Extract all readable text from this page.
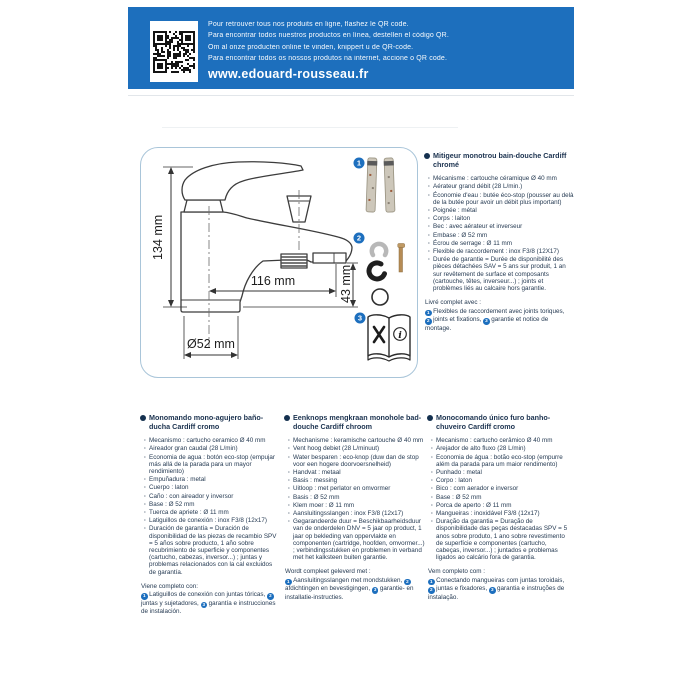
Pour retrouver tous nos produits en ligne, flashez le QR code.
Para encontrar todos nuestros productos en línea, destellen el código QR.
Om al onze producten online te vinden, knippert u de QR-code.
Para encontrar todos os nossos produtos na internet, accione o QR code.
www.edouard-rousseau.fr
134 mm
116 mm	43 mm
Ø52 mm
1
2
3
i
Mitigeur monotrou bain-douche Cardiff chromé
· Mécanisme : cartouche céramique Ø 40 mm
· Aérateur grand débit (28 L/min.)
· Économie d'eau : butée éco-stop (pousser au delà de la butée pour avoir un débit plus important)
· Poignée : métal
· Corps : laiton
· Bec : avec aérateur et inverseur
· Embase : Ø 52 mm
· Écrou de serrage : Ø 11 mm
· Flexible de raccordement : inox F3/8 (12X17)
· Durée de garantie = Durée de disponibilité des pièces détachées SAV = 5 ans sur produit, 1 an sur revêtement de surface et composants (cartouche, têtes, inverseur...) ; joints et problèmes liés au calcaire hors garantie.
Livré complet avec :
1 Flexibles de raccordement avec joints toriques, 2 joints et fixations, 3 garantie et notice de montage.
Monomando mono-agujero baño-ducha Cardiff cromo
· Mecanismo : cartucho ceramico Ø 40 mm
· Aireador gran caudal (28 L/min)
· Economia de agua : botón eco-stop (empujar más allá de la parada para un mayor rendimiento)
· Empuñadura : metal
· Cuerpo : laton
· Caño : con aireador y inversor
· Base : Ø 52 mm
· Tuerca de apriete : Ø 11 mm
· Latiguillos de conexión : inox F3/8 (12x17)
· Duración de garantía = Duración de disponibilidad de las piezas de recambio SPV = 5 años sobre producto, 1 año sobre recubrimiento de superficie y componentes (cartucho, cabezas, inversor...) ; juntas y problemas relacionados con la cal excluidos de garantía.
Viene completo con:
1 Latiguillos de conexión con juntas tóricas, 2juntas y sujetadores, 3 garantía e instrucciones de instalación.
Eenknops mengkraan monohole bad-douche Cardiff chroom
· Mechanisme : keramische cartouche Ø 40 mm
· Vent hoog debiet (28 L/minuut)
· Water besparen : eco-knop (duw dan de stop voor een hogere doorvoersnelheid)
· Handvat : metaal
· Basis : messing
· Uitloop : met perlator en omvormer
· Basis : Ø 52 mm
· Klem moer : Ø 11 mm
· Aansluitingsslangen : inox F3/8 (12x17)
· Gegarandeerde duur = Beschikbaarheidsduur van de onderdelen DNV = 5 jaar op product, 1 jaar op bekleding van oppervlakte en componenten (cartridge, hoofden, omvormer...) ; verbindingsstukken en problemen in verband met het kalksteen buiten garantie.
Wordt compleet geleverd met :
1 Aansluitingsslangen met mondstukken, 2afdichtingen en bevestigingen, 3 garantie- en installatie-instructies.
Monocomando único furo banho-chuveiro Cardiff cromo
· Mecanismo : cartucho cerâmico Ø 40 mm
· Arejador de alto fluxo (28 L/min)
· Economia de água : botão eco-stop (empurre além da parada para um maior rendimento)
· Punhado : metal
· Corpo : laton
· Bico : com aerador e inversor
· Base : Ø 52 mm
· Porca de aperto : Ø 11 mm
· Mangueiras : inoxidável F3/8 (12x17)
· Duração da garantia = Duração de disponibilidade das peças destacadas SPV = 5 anos sobre produto, 1 ano sobre revestimento de superfície e componentes (cartucho, cabeças, inversor...) ; juntados e problemas ligados ao calcário fora de garantia.
Vem completo com :
1 Conectando mangueiras com juntas toroidais, 2 juntas e fixadores, 3 garantia e instruções de instalação.
